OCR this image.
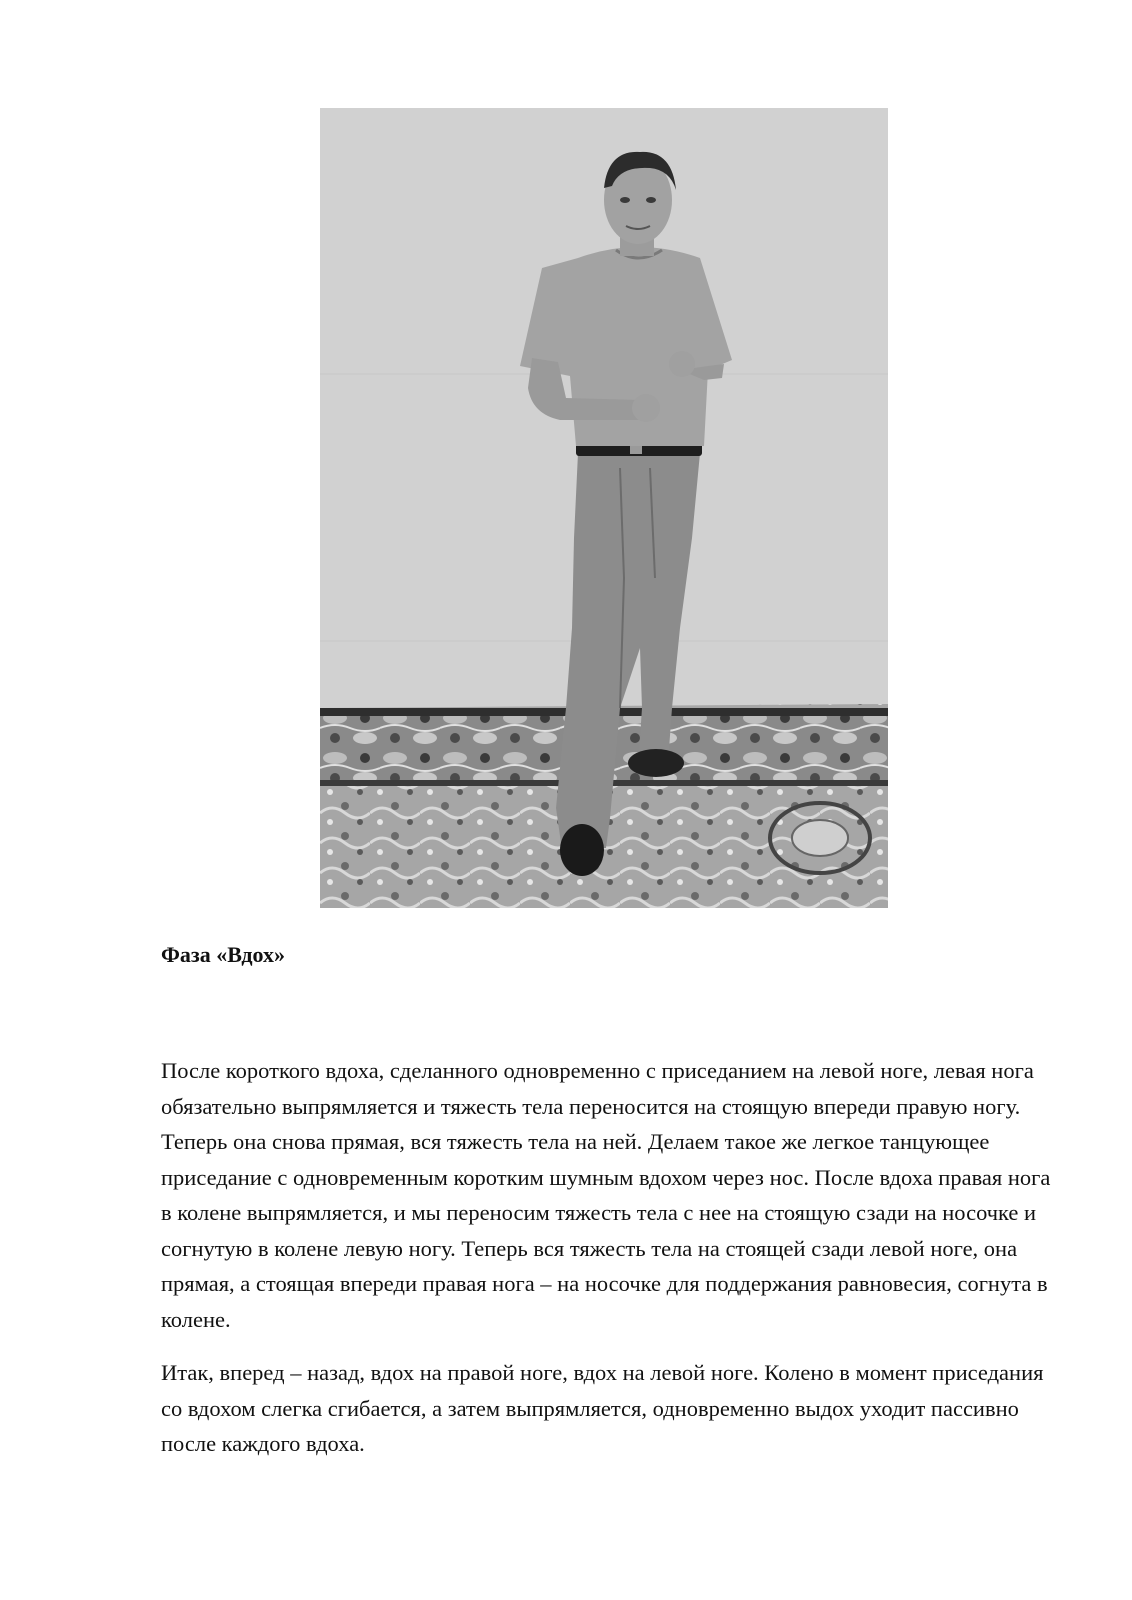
Фаза «Вдох»

После короткого вдоха, сделанного одновременно с приседанием на левой ноге, левая нога обязательно выпрямляется и тяжесть тела переносится на стоящую впереди правую ногу. Теперь она снова прямая, вся тяжесть тела на ней. Делаем такое же легкое танцующее приседание с одновременным коротким шумным вдохом через нос. После вдоха правая нога в колене выпрямляется, и мы переносим тяжесть тела с нее на стоящую сзади на носочке и согнутую в колене левую ногу. Теперь вся тяжесть тела на стоящей сзади левой ноге, она прямая, а стоящая впереди правая нога – на носочке для поддержания равновесия, согнута в колене.

Итак, вперед – назад, вдох на правой ноге, вдох на левой ноге. Колено в момент приседания со вдохом слегка сгибается, а затем выпрямляется, одновременно выдох уходит пассивно после каждого вдоха.
